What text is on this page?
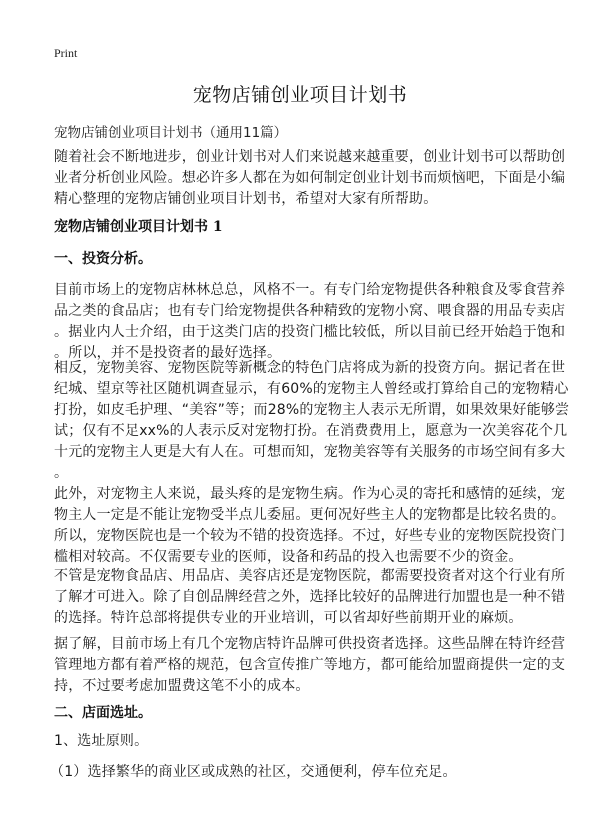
Print
宠物店铺创业项目计划书
宠物店铺创业项目计划书（通用11篇）
随着社会不断地进步，创业计划书对人们来说越来越重要，创业计划书可以帮助创
业者分析创业风险。想必许多人都在为如何制定创业计划书而烦恼吧，下面是小编
精心整理的宠物店铺创业项目计划书，希望对大家有所帮助。
宠物店铺创业项目计划书 1
一、投资分析。
目前市场上的宠物店林林总总，风格不一。有专门给宠物提供各种粮食及零食营养
品之类的食品店；也有专门给宠物提供各种精致的宠物小窝、喂食器的用品专卖店
。据业内人士介绍，由于这类门店的投资门槛比较低，所以目前已经开始趋于饱和
。所以，并不是投资者的最好选择。
相反，宠物美容、宠物医院等新概念的特色门店将成为新的投资方向。据记者在世
纪城、望京等社区随机调查显示，有60%的宠物主人曾经或打算给自己的宠物精心
打扮，如皮毛护理、“美容”等；而28%的宠物主人表示无所谓，如果效果好能够尝
试；仅有不足xx%的人表示反对宠物打扮。在消费费用上，愿意为一次美容花个几
十元的宠物主人更是大有人在。可想而知，宠物美容等有关服务的市场空间有多大
。
此外，对宠物主人来说，最头疼的是宠物生病。作为心灵的寄托和感情的延续，宠
物主人一定是不能让宠物受半点儿委屈。更何况好些主人的宠物都是比较名贵的。
所以，宠物医院也是一个较为不错的投资选择。不过，好些专业的宠物医院投资门
槛相对较高。不仅需要专业的医师，设备和药品的投入也需要不少的资金。
不管是宠物食品店、用品店、美容店还是宠物医院，都需要投资者对这个行业有所
了解才可进入。除了自创品牌经营之外，选择比较好的品牌进行加盟也是一种不错
的选择。特许总部将提供专业的开业培训，可以省却好些前期开业的麻烦。
据了解，目前市场上有几个宠物店特许品牌可供投资者选择。这些品牌在特许经营
管理地方都有着严格的规范，包含宣传推广等地方，都可能给加盟商提供一定的支
持，不过要考虑加盟费这笔不小的成本。
二、店面选址。
1、选址原则。
（1）选择繁华的商业区或成熟的社区，交通便利，停车位充足。
